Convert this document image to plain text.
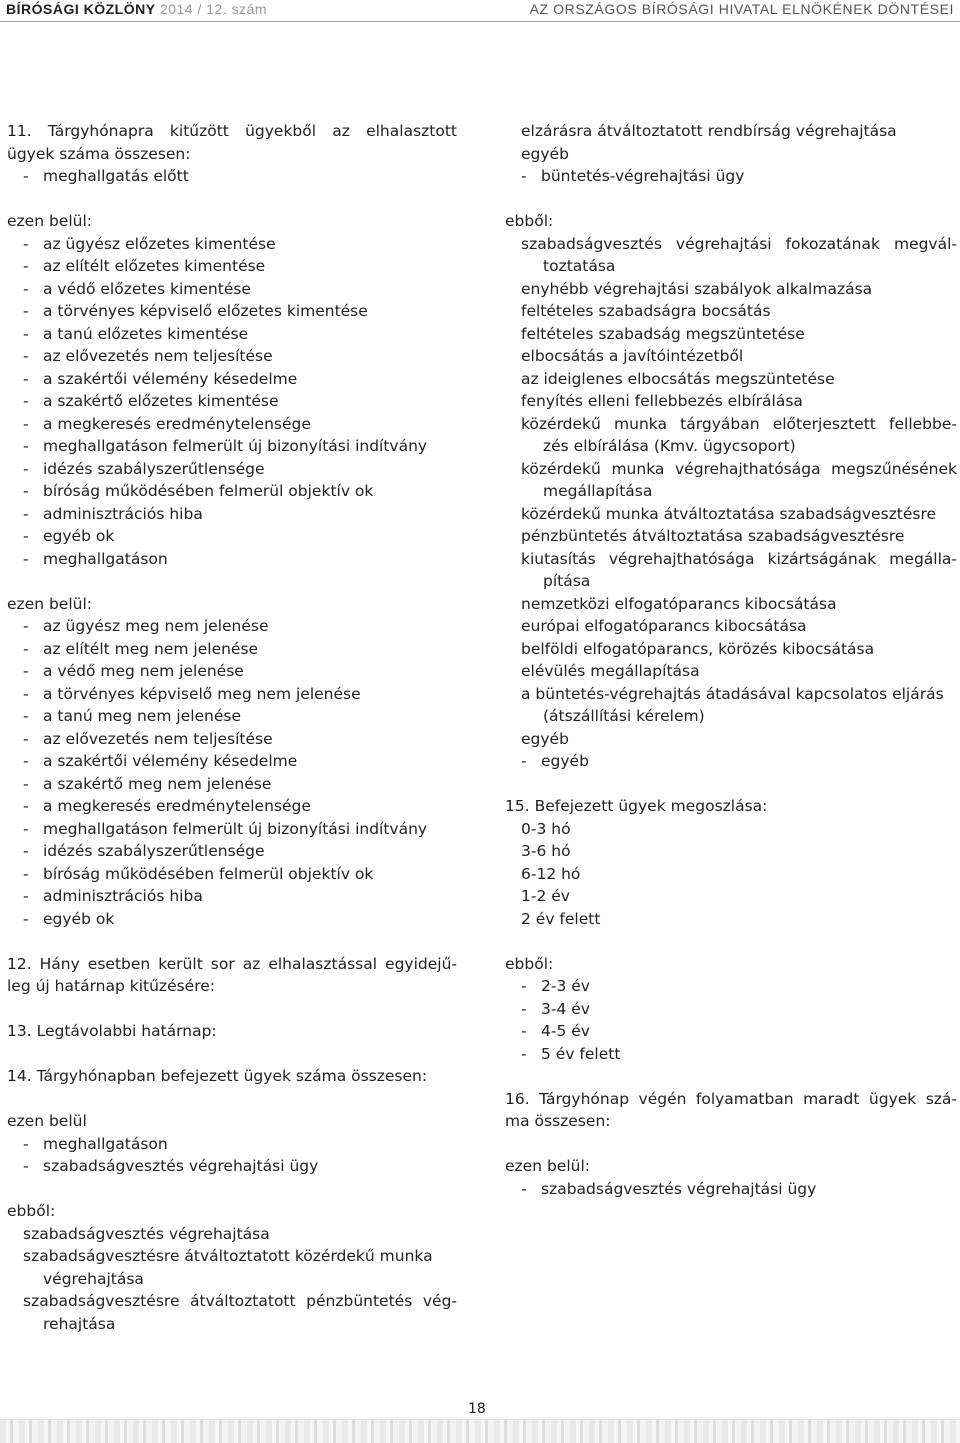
BÍRÓSÁGI KÖZLÖNY 2014 / 12. szám	AZ ORSZÁGOS BÍRÓSÁGI HIVATAL ELNÖKÉNEK DÖNTÉSEI
11. Tárgyhónapra kitűzött ügyekből az elhalasztott
ügyek száma összesen:
- meghallgatás előtt
ezen belül:
- az ügyész előzetes kimentése
- az elítélt előzetes kimentése
- a védő előzetes kimentése
- a törvényes képviselő előzetes kimentése
- a tanú előzetes kimentése
- az elővezetés nem teljesítése
- a szakértői vélemény késedelme
- a szakértő előzetes kimentése
- a megkeresés eredménytelensége
- meghallgatáson felmerült új bizonyítási indítvány
- idézés szabályszerűtlensége
- bíróság működésében felmerül objektív ok
- adminisztrációs hiba
- egyéb ok
- meghallgatáson
ezen belül:
- az ügyész meg nem jelenése
- az elítélt meg nem jelenése
- a védő meg nem jelenése
- a törvényes képviselő meg nem jelenése
- a tanú meg nem jelenése
- az elővezetés nem teljesítése
- a szakértői vélemény késedelme
- a szakértő meg nem jelenése
- a megkeresés eredménytelensége
- meghallgatáson felmerült új bizonyítási indítvány
- idézés szabályszerűtlensége
- bíróság működésében felmerül objektív ok
- adminisztrációs hiba
- egyéb ok
12. Hány esetben került sor az elhalasztással egyidejű-
leg új határnap kitűzésére:
13. Legtávolabbi határnap:
14. Tárgyhónapban befejezett ügyek száma összesen:
ezen belül
- meghallgatáson
- szabadságvesztés végrehajtási ügy
ebből:
szabadságvesztés végrehajtása
szabadságvesztésre átváltoztatott közérdekű munka
végrehajtása
szabadságvesztésre átváltoztatott pénzbüntetés vég-
rehajtása
elzárásra átváltoztatott rendbírság végrehajtása
egyéb
- büntetés-végrehajtási ügy
ebből:
szabadságvesztés végrehajtási fokozatának megvál-
toztatása
enyhébb végrehajtási szabályok alkalmazása
feltételes szabadságra bocsátás
feltételes szabadság megszüntetése
elbocsátás a javítóintézetből
az ideiglenes elbocsátás megszüntetése
fenyítés elleni fellebbezés elbírálása
közérdekű munka tárgyában előterjesztett fellebbe-
zés elbírálása (Kmv. ügycsoport)
közérdekű munka végrehajthatósága megszűnésének
megállapítása
közérdekű munka átváltoztatása szabadságvesztésre
pénzbüntetés átváltoztatása szabadságvesztésre
kiutasítás végrehajthatósága kizártságának megálla-
pítása
nemzetközi elfogatóparancs kibocsátása
európai elfogatóparancs kibocsátása
belföldi elfogatóparancs, körözés kibocsátása
elévülés megállapítása
a büntetés-végrehajtás átadásával kapcsolatos eljárás
(átszállítási kérelem)
egyéb
- egyéb
15. Befejezett ügyek megoszlása:
0-3 hó
3-6 hó
6-12 hó
1-2 év
2 év felett
ebből:
- 2-3 év
- 3-4 év
- 4-5 év
- 5 év felett
16. Tárgyhónap végén folyamatban maradt ügyek szá-
ma összesen:
ezen belül:
- szabadságvesztés végrehajtási ügy
18
